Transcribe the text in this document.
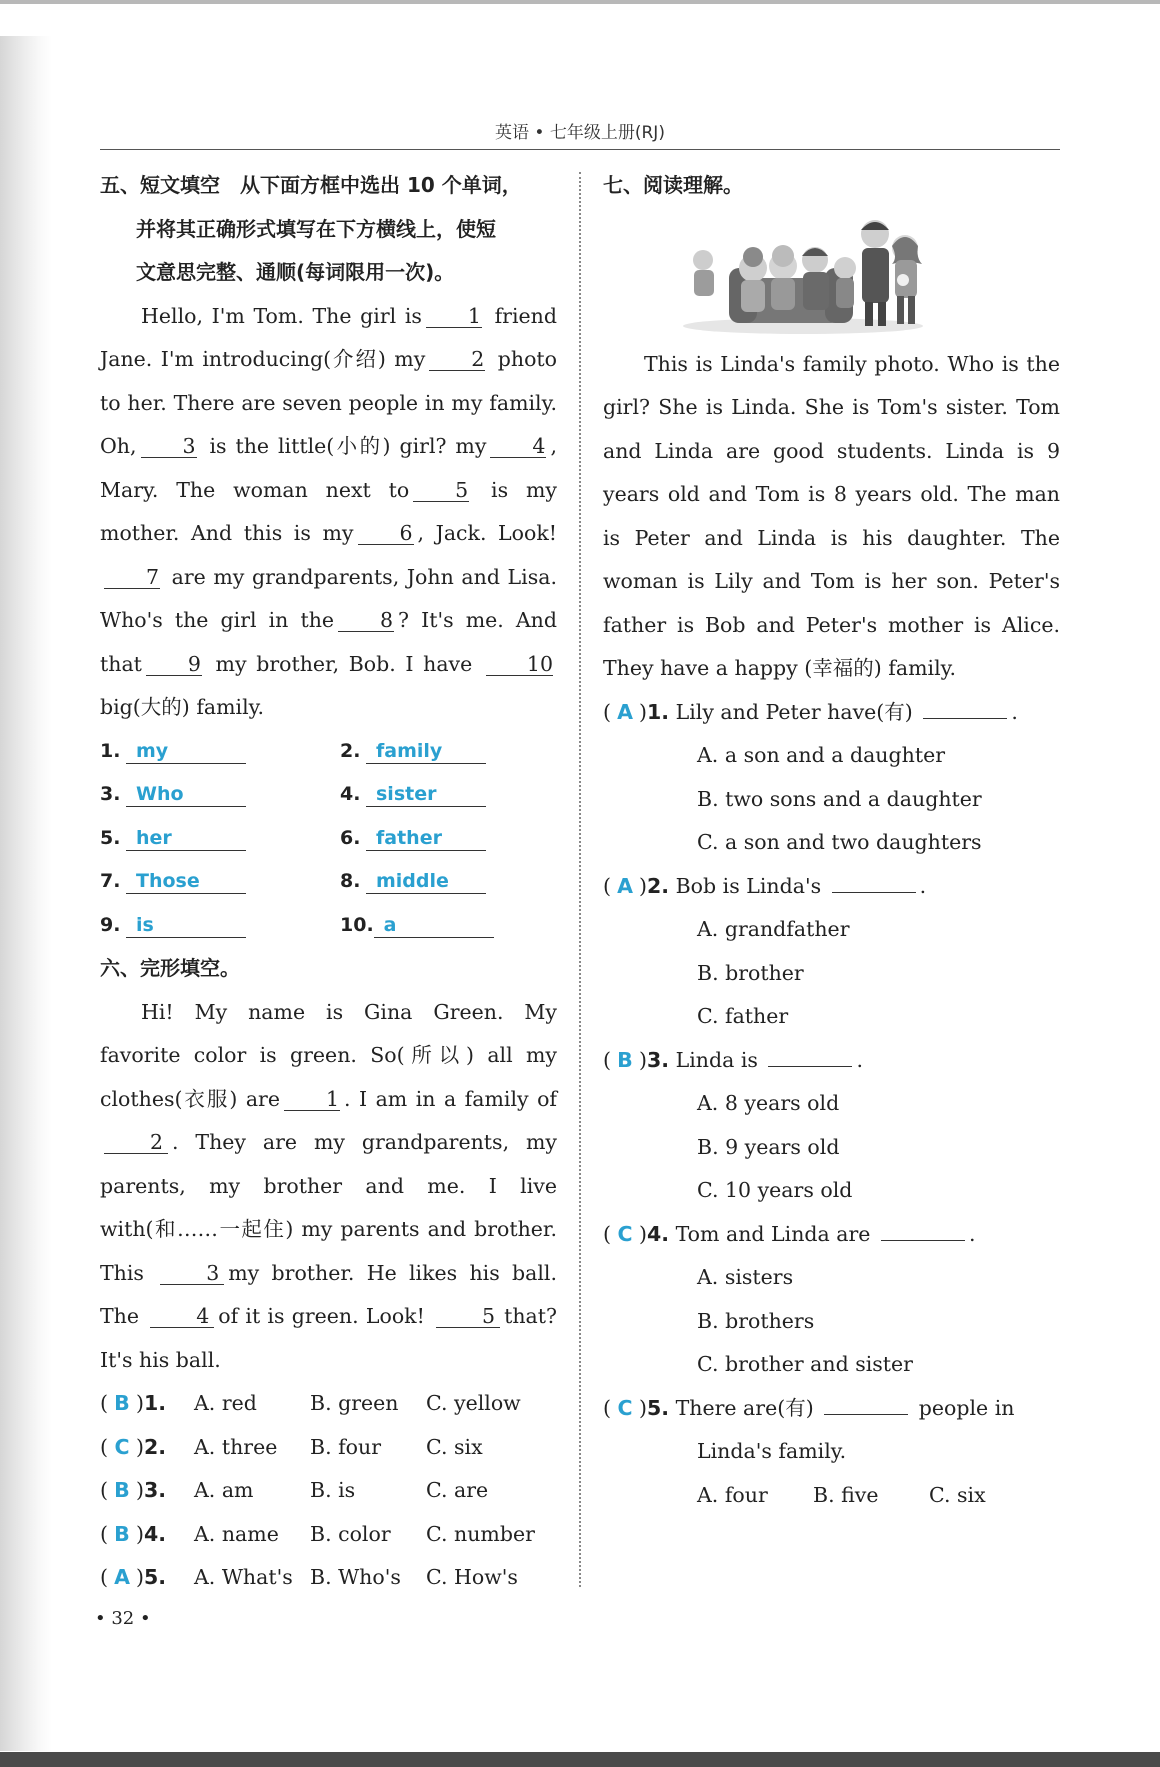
英语 • 七年级上册(RJ)
五、短文填空　从下面方框中选出 10 个单词，
并将其正确形式填写在下方横线上，使短
文意思完整、通顺(每词限用一次)。

Hello, I'm Tom. The girl is 1 friend Jane. I'm introducing(介绍) my 2 photo to her. There are seven people in my family. Oh, 3 is the little(小的) girl? my 4 , Mary. The woman next to 5 is my mother. And this is my 6 , Jack. Look!7 are my grandparents, John and Lisa. Who's the girl in the 8 ? It's me. And that 9 my brother, Bob. I have	10 big(大的) family.

1. my	2. family
3. Who	4. sister
5. her	6. father
7. Those	8. middle
9. is	10. a
六、完形填空。

Hi! My name is Gina Green. My favorite color is green. So(所以) all my clothes(衣服) are 1 . I am in a family of 2 . They are my grandparents, my parents, my brother and me. I live with(和……一起住) my parents and brother. This	3 my brother. He likes his ball. The	4 of it is green. Look!	5 that? It's his ball.

( B )1.	A. red	B. green	C. yellow
( C )2.	A. three	B. four	C. six
( B )3.	A. am	B. is	C. are
( B )4.	A. name	B. color	C. number
( A )5.	A. What's B. Who's	C. How's
七、阅读理解。

This is Linda's family photo. Who is the girl? She is Linda. She is Tom's sister. Tom and Linda are good students. Linda is 9 years old and Tom is 8 years old. The man is Peter and Linda is his daughter. The woman is Lily and Tom is her son. Peter's father is Bob and Peter's mother is Alice. They have a happy (幸福的) family.

( A )1. Lily and Peter have(有)	.
A. a son and a daughter
B. two sons and a daughter
C. a son and two daughters
( A )2. Bob is Linda's	.
A. grandfather
B. brother
C. father
( B )3. Linda is	.
A. 8 years old
B. 9 years old
C. 10 years old
( C )4. Tom and Linda are	.
A. sisters
B. brothers
C. brother and sister
( C )5. There are(有)	people in
Linda's family.
A. four	B. five	C. six
• 32 •
